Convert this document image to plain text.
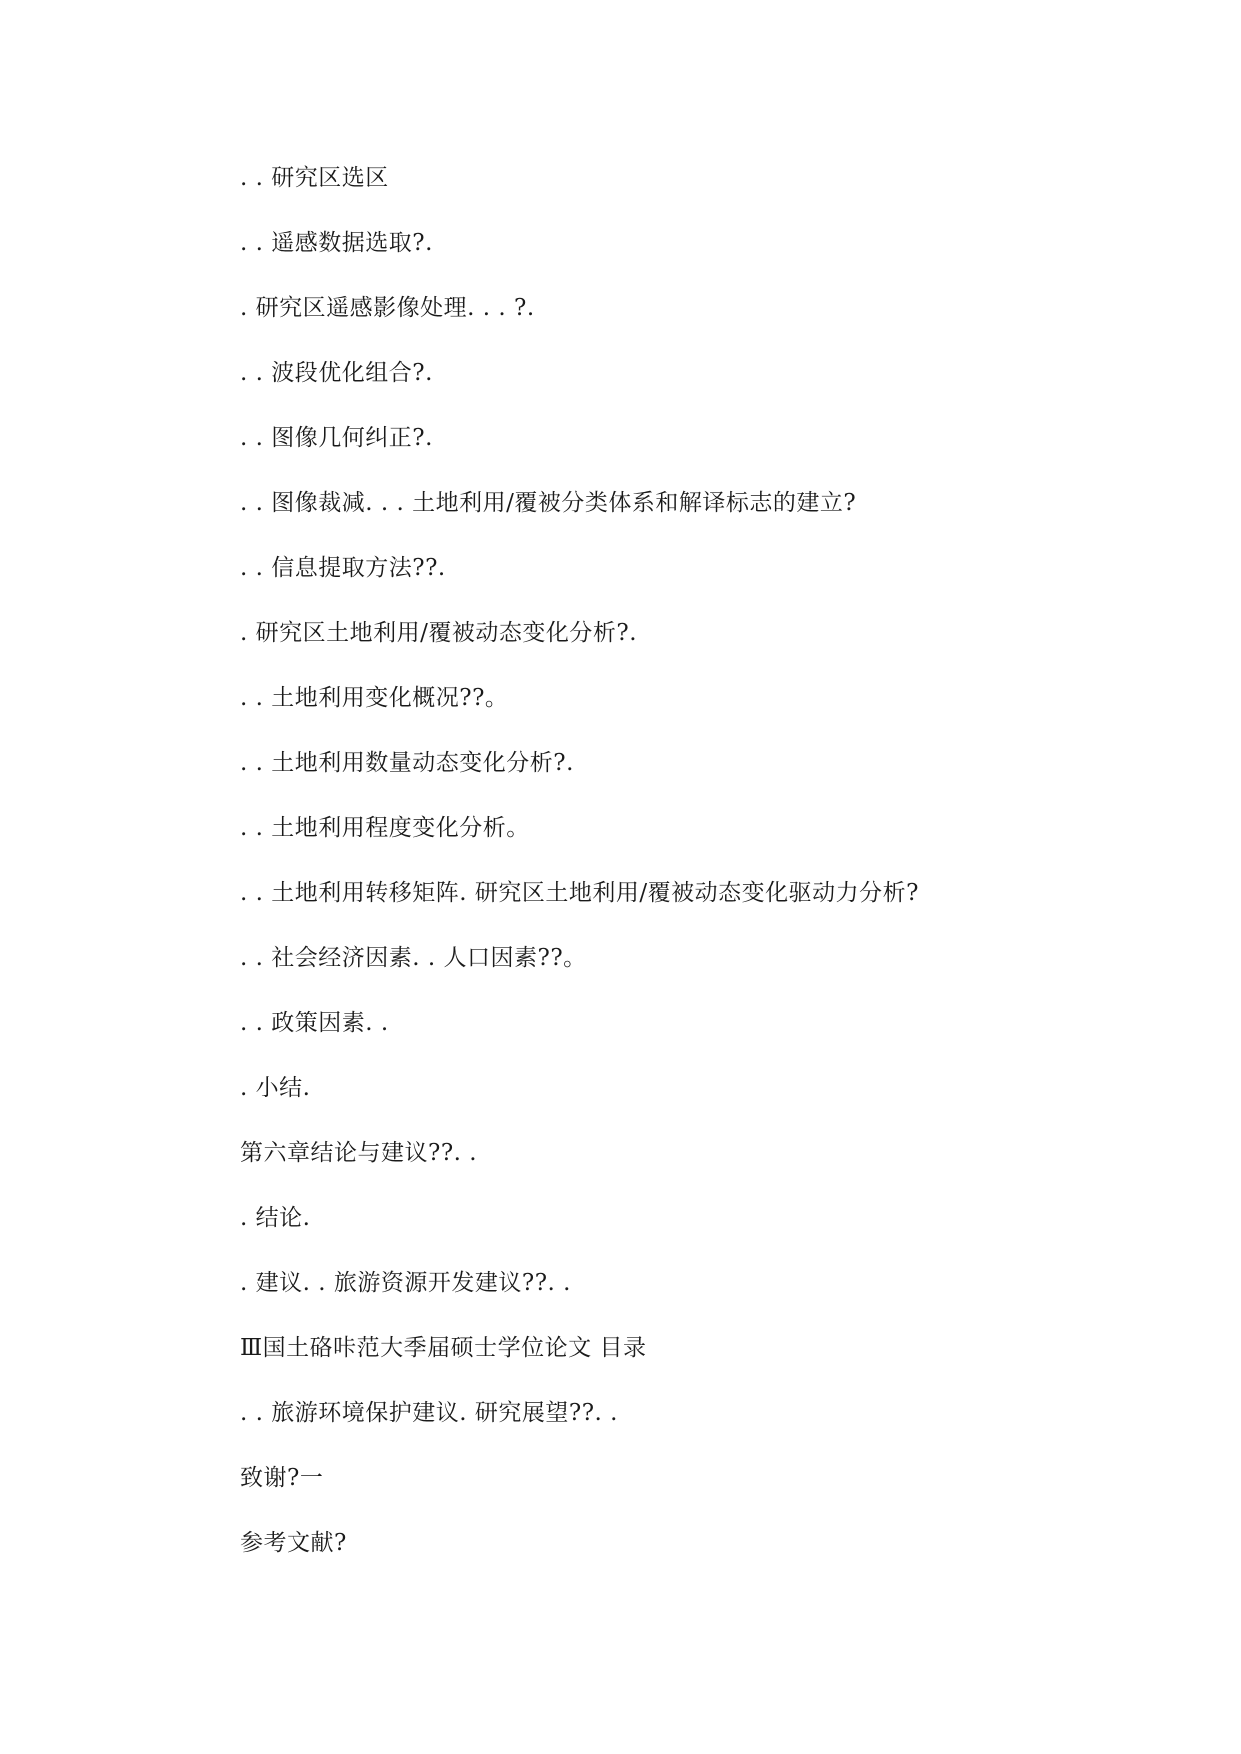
. . 研究区选区
. . 遥感数据选取?.
. 研究区遥感影像处理. . . ?.
. . 波段优化组合?.
. . 图像几何纠正?.
. . 图像裁减. . . 土地利用/覆被分类体系和解译标志的建立?
. . 信息提取方法??.
. 研究区土地利用/覆被动态变化分析?.
. . 土地利用变化概况??。
. . 土地利用数量动态变化分析?.
. . 土地利用程度变化分析。
. . 土地利用转移矩阵. 研究区土地利用/覆被动态变化驱动力分析?
. . 社会经济因素. . 人口因素??。
. . 政策因素. .
. 小结.
第六章结论与建议??. .
. 结论.
. 建议. . 旅游资源开发建议??. .
Ⅲ国土硌咔范大季届硕士学位论文 目录
. . 旅游环境保护建议. 研究展望??. .
致谢?一
参考文献?
